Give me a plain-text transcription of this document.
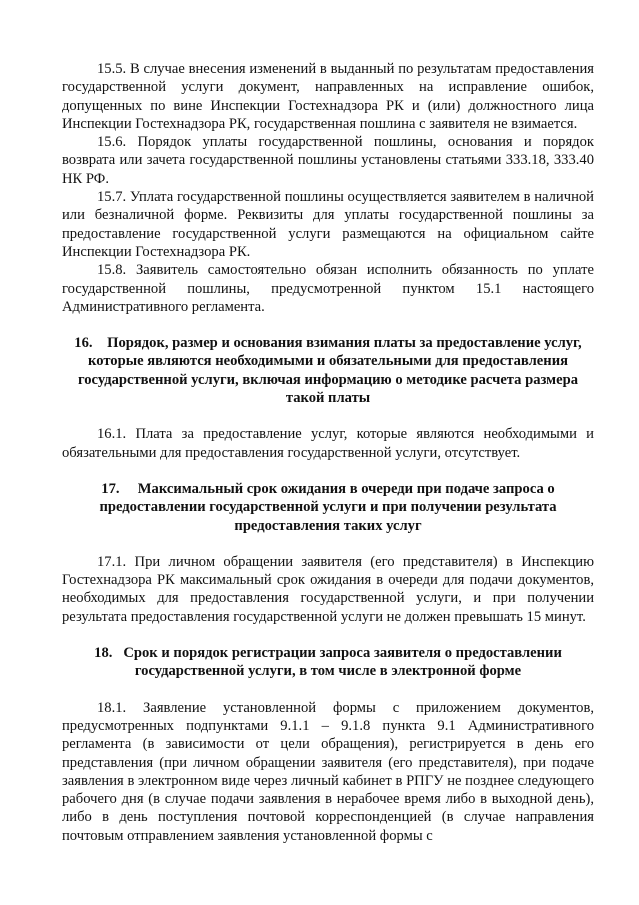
15.5. В случае внесения изменений в выданный по результатам предоставления государственной услуги документ, направленных на исправление ошибок, допущенных по вине Инспекции Гостехнадзора РК и (или) должностного лица Инспекции Гостехнадзора РК, государственная пошлина с заявителя не взимается.

15.6. Порядок уплаты государственной пошлины, основания и порядок возврата или зачета государственной пошлины установлены статьями 333.18, 333.40 НК РФ.

15.7. Уплата государственной пошлины осуществляется заявителем в наличной или безналичной форме. Реквизиты для уплаты государственной пошлины за предоставление государственной услуги размещаются на официальном сайте Инспекции Гостехнадзора РК.

15.8. Заявитель самостоятельно обязан исполнить обязанность по уплате государственной пошлины, предусмотренной пунктом 15.1 настоящего Административного регламента.

16. Порядок, размер и основания взимания платы за предоставление услуг, которые являются необходимыми и обязательными для предоставления государственной услуги, включая информацию о методике расчета размера такой платы

16.1. Плата за предоставление услуг, которые являются необходимыми и обязательными для предоставления государственной услуги, отсутствует.

17. Максимальный срок ожидания в очереди при подаче запроса о предоставлении государственной услуги и при получении результата предоставления таких услуг

17.1. При личном обращении заявителя (его представителя) в Инспекцию Гостехнадзора РК максимальный срок ожидания в очереди для подачи документов, необходимых для предоставления государственной услуги, и при получении результата предоставления государственной услуги не должен превышать 15 минут.

18. Срок и порядок регистрации запроса заявителя о предоставлении государственной услуги, в том числе в электронной форме

18.1. Заявление установленной формы с приложением документов, предусмотренных подпунктами 9.1.1 – 9.1.8 пункта 9.1 Административного регламента (в зависимости от цели обращения), регистрируется в день его представления (при личном обращении заявителя (его представителя), при подаче заявления в электронном виде через личный кабинет в РПГУ не позднее следующего рабочего дня (в случае подачи заявления в нерабочее время либо в выходной день), либо в день поступления почтовой корреспонденцией (в случае направления почтовым отправлением заявления установленной формы с
